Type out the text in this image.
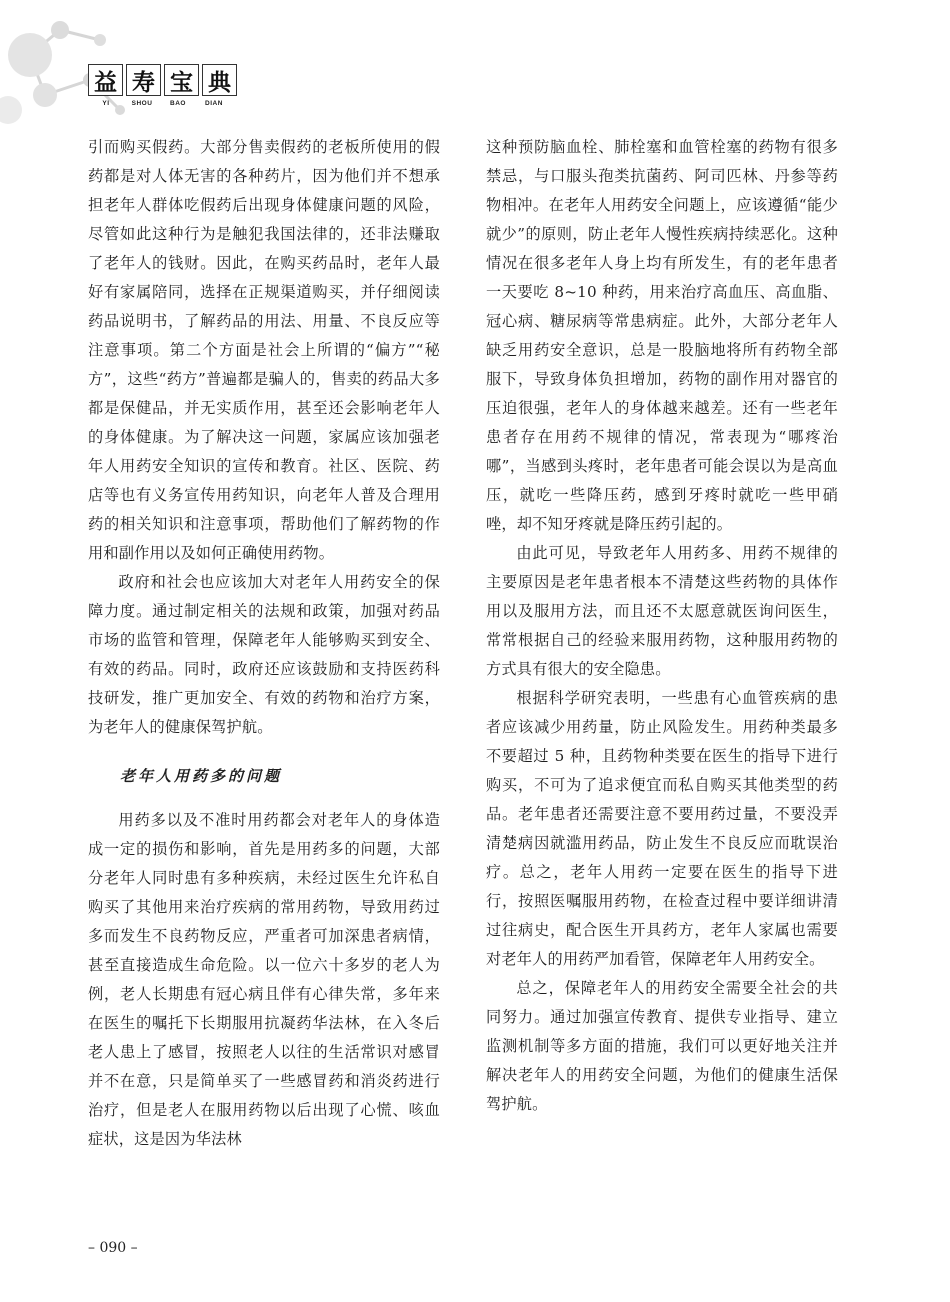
益 寿 宝 典
YI	SHOU	BAO	DIAN

引而购买假药。大部分售卖假药的老板所使用的假药都是对人体无害的各种药片，因为他们并不想承担老年人群体吃假药后出现身体健康问题的风险，尽管如此这种行为是触犯我国法律的，还非法赚取了老年人的钱财。因此，在购买药品时，老年人最好有家属陪同，选择在正规渠道购买，并仔细阅读药品说明书，了解药品的用法、用量、不良反应等注意事项。第二个方面是社会上所谓的“偏方”“秘方”，这些“药方”普遍都是骗人的，售卖的药品大多都是保健品，并无实质作用，甚至还会影响老年人的身体健康。为了解决这一问题，家属应该加强老年人用药安全知识的宣传和教育。社区、医院、药店等也有义务宣传用药知识，向老年人普及合理用药的相关知识和注意事项，帮助他们了解药物的作用和副作用以及如何正确使用药物。

政府和社会也应该加大对老年人用药安全的保障力度。通过制定相关的法规和政策，加强对药品市场的监管和管理，保障老年人能够购买到安全、有效的药品。同时，政府还应该鼓励和支持医药科技研发，推广更加安全、有效的药物和治疗方案，为老年人的健康保驾护航。

老年人用药多的问题

用药多以及不准时用药都会对老年人的身体造成一定的损伤和影响，首先是用药多的问题，大部分老年人同时患有多种疾病，未经过医生允许私自购买了其他用来治疗疾病的常用药物，导致用药过多而发生不良药物反应，严重者可加深患者病情，甚至直接造成生命危险。以一位六十多岁的老人为例，老人长期患有冠心病且伴有心律失常，多年来在医生的嘱托下长期服用抗凝药华法林，在入冬后老人患上了感冒，按照老人以往的生活常识对感冒并不在意，只是简单买了一些感冒药和消炎药进行治疗，但是老人在服用药物以后出现了心慌、咳血症状，这是因为华法林

这种预防脑血栓、肺栓塞和血管栓塞的药物有很多禁忌，与口服头孢类抗菌药、阿司匹林、丹参等药物相冲。在老年人用药安全问题上，应该遵循“能少就少”的原则，防止老年人慢性疾病持续恶化。这种情况在很多老年人身上均有所发生，有的老年患者一天要吃 8~10 种药，用来治疗高血压、高血脂、冠心病、糖尿病等常患病症。此外，大部分老年人缺乏用药安全意识，总是一股脑地将所有药物全部服下，导致身体负担增加，药物的副作用对器官的压迫很强，老年人的身体越来越差。还有一些老年患者存在用药不规律的情况，常表现为“哪疼治哪”，当感到头疼时，老年患者可能会误以为是高血压，就吃一些降压药，感到牙疼时就吃一些甲硝唑，却不知牙疼就是降压药引起的。

由此可见，导致老年人用药多、用药不规律的主要原因是老年患者根本不清楚这些药物的具体作用以及服用方法，而且还不太愿意就医询问医生，常常根据自己的经验来服用药物，这种服用药物的方式具有很大的安全隐患。

根据科学研究表明，一些患有心血管疾病的患者应该减少用药量，防止风险发生。用药种类最多不要超过 5 种，且药物种类要在医生的指导下进行购买，不可为了追求便宜而私自购买其他类型的药品。老年患者还需要注意不要用药过量，不要没弄清楚病因就滥用药品，防止发生不良反应而耽误治疗。总之，老年人用药一定要在医生的指导下进行，按照医嘱服用药物，在检查过程中要详细讲清过往病史，配合医生开具药方，老年人家属也需要对老年人的用药严加看管，保障老年人用药安全。

总之，保障老年人的用药安全需要全社会的共同努力。通过加强宣传教育、提供专业指导、建立监测机制等多方面的措施，我们可以更好地关注并解决老年人的用药安全问题，为他们的健康生活保驾护航。

– 090 –
